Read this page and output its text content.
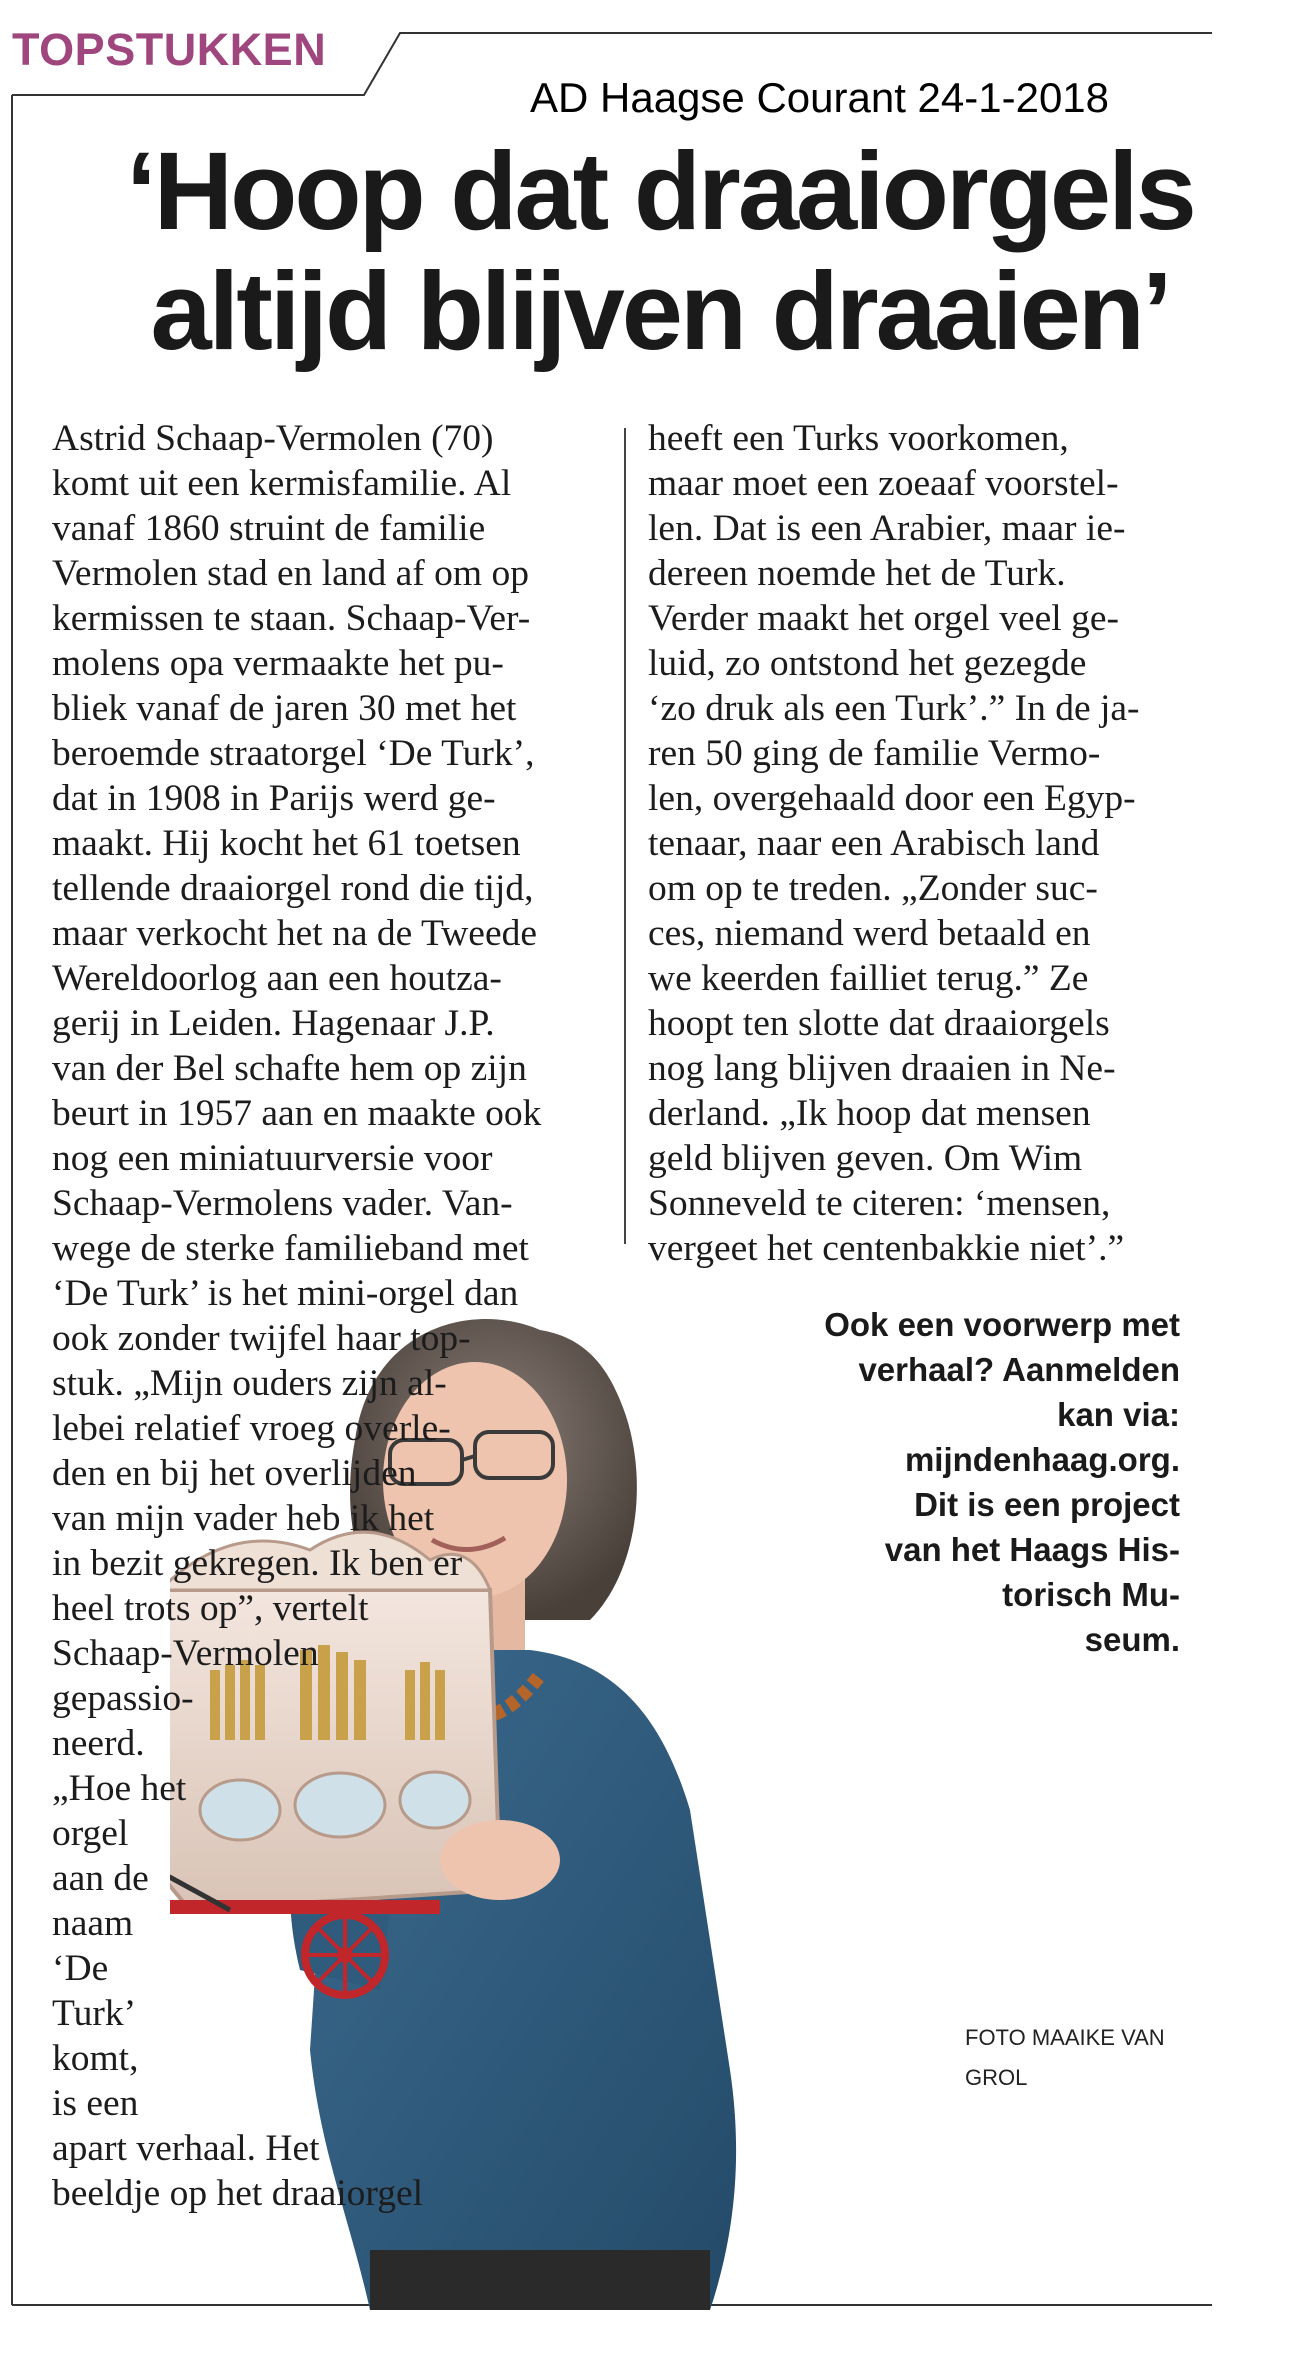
TOPSTUKKEN
AD Haagse Courant 24-1-2018
‘Hoop dat draaiorgels
altijd blijven draaien’

Astrid Schaap-Vermolen (70)
komt uit een kermisfamilie. Al
vanaf 1860 struint de familie
Vermolen stad en land af om op
kermissen te staan. Schaap-Ver-
molens opa vermaakte het pu-
bliek vanaf de jaren 30 met het
beroemde straatorgel ‘De Turk’,
dat in 1908 in Parijs werd ge-
maakt. Hij kocht het 61 toetsen
tellende draaiorgel rond die tijd,
maar verkocht het na de Tweede
Wereldoorlog aan een houtza-
gerij in Leiden. Hagenaar J.P.
van der Bel schafte hem op zijn
beurt in 1957 aan en maakte ook
nog een miniatuurversie voor
Schaap-Vermolens vader. Van-
wege de sterke familieband met

heeft een Turks voorkomen,
maar moet een zoeaaf voorstel-
len. Dat is een Arabier, maar ie-
dereen noemde het de Turk.
Verder maakt het orgel veel ge-
luid, zo ontstond het gezegde
‘zo druk als een Turk’.” In de ja-
ren 50 ging de familie Vermo-
len, overgehaald door een Egyp-
tenaar, naar een Arabisch land
om op te treden. „Zonder suc-
ces, niemand werd betaald en
we keerden failliet terug.” Ze
hoopt ten slotte dat draaiorgels
nog lang blijven draaien in Ne-
derland. „Ik hoop dat mensen
geld blijven geven. Om Wim
Sonneveld te citeren: ‘mensen,
vergeet het centenbakkie niet’.”

‘De Turk’ is het mini-orgel dan
ook zonder twijfel haar top-
stuk. „Mijn ouders zijn al-
lebei relatief vroeg overle-
den en bij het overlijden
van mijn vader heb ik het
in bezit gekregen. Ik ben er
heel trots op”, vertelt
Schaap-Vermolen
gepassio-
neerd.
„Hoe het
orgel
aan de
naam
‘De
Turk’
komt,
is een
apart verhaal. Het
beeldje op het draaiorgel

Ook een voorwerp met
verhaal? Aanmelden
kan via:
mijndenhaag.org.
Dit is een project
van het Haags His-
torisch Mu-
seum.
FOTO MAAIKE VAN
GROL
